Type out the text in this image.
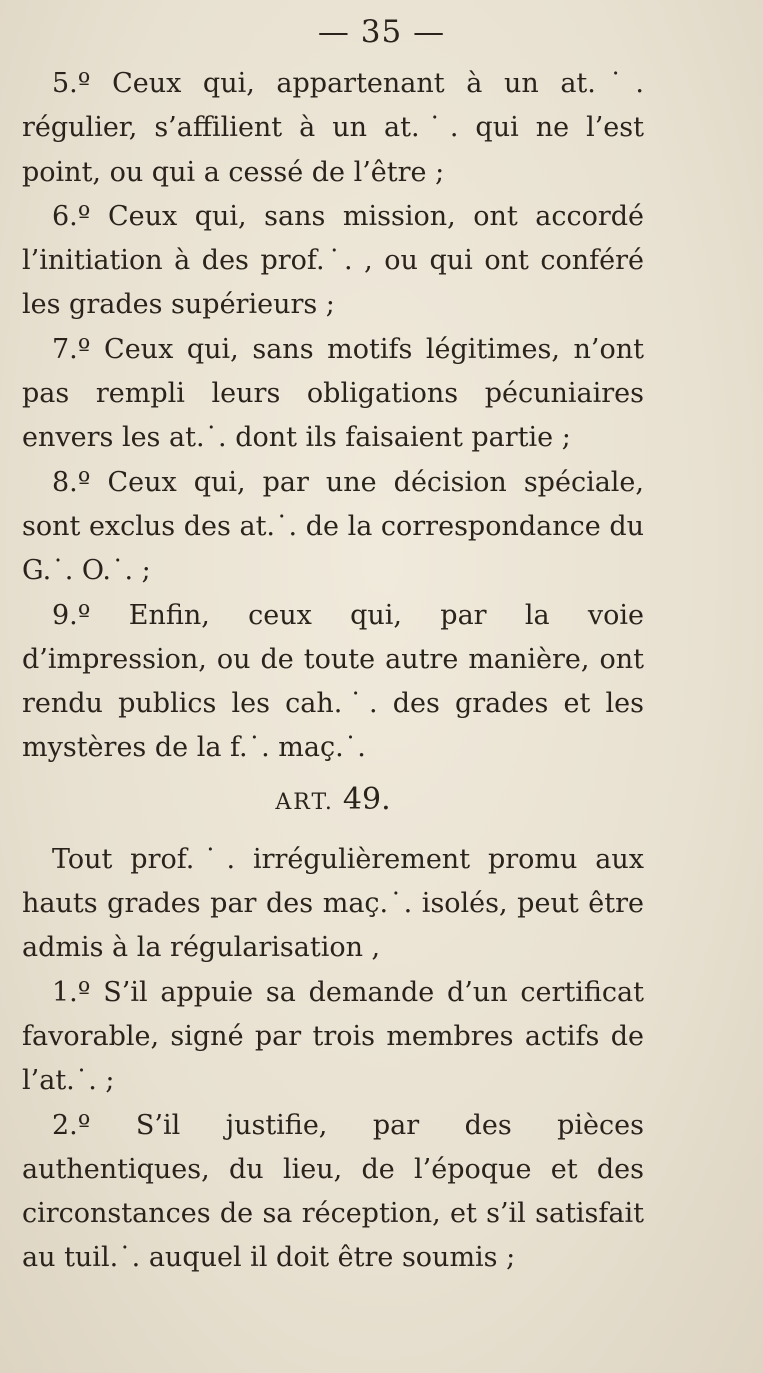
— 35 —

5.º Ceux qui, appartenant à un at.˙. régulier, s’affilient à un at.˙. qui ne l’est point, ou qui a cessé de l’être ;

6.º Ceux qui, sans mission, ont accordé l’initiation à des prof.˙. , ou qui ont conféré les grades supérieurs ;

7.º Ceux qui, sans motifs légitimes, n’ont pas rempli leurs obligations pécuniaires envers les at.˙. dont ils faisaient partie ;

8.º Ceux qui, par une décision spéciale, sont exclus des at.˙. de la correspondance du G.˙. O.˙. ;

9.º Enfin, ceux qui, par la voie d’impression, ou de toute autre manière, ont rendu publics les cah.˙. des grades et les mystères de la f.˙. maç.˙.

ART. 49.

Tout prof.˙. irrégulièrement promu aux hauts grades par des maç.˙. isolés, peut être admis à la régularisation ,

1.º S’il appuie sa demande d’un certificat favorable, signé par trois membres actifs de l’at.˙. ;

2.º S’il justifie, par des pièces authentiques, du lieu, de l’époque et des circonstances de sa réception, et s’il satisfait au tuil.˙. auquel il doit être soumis ;
